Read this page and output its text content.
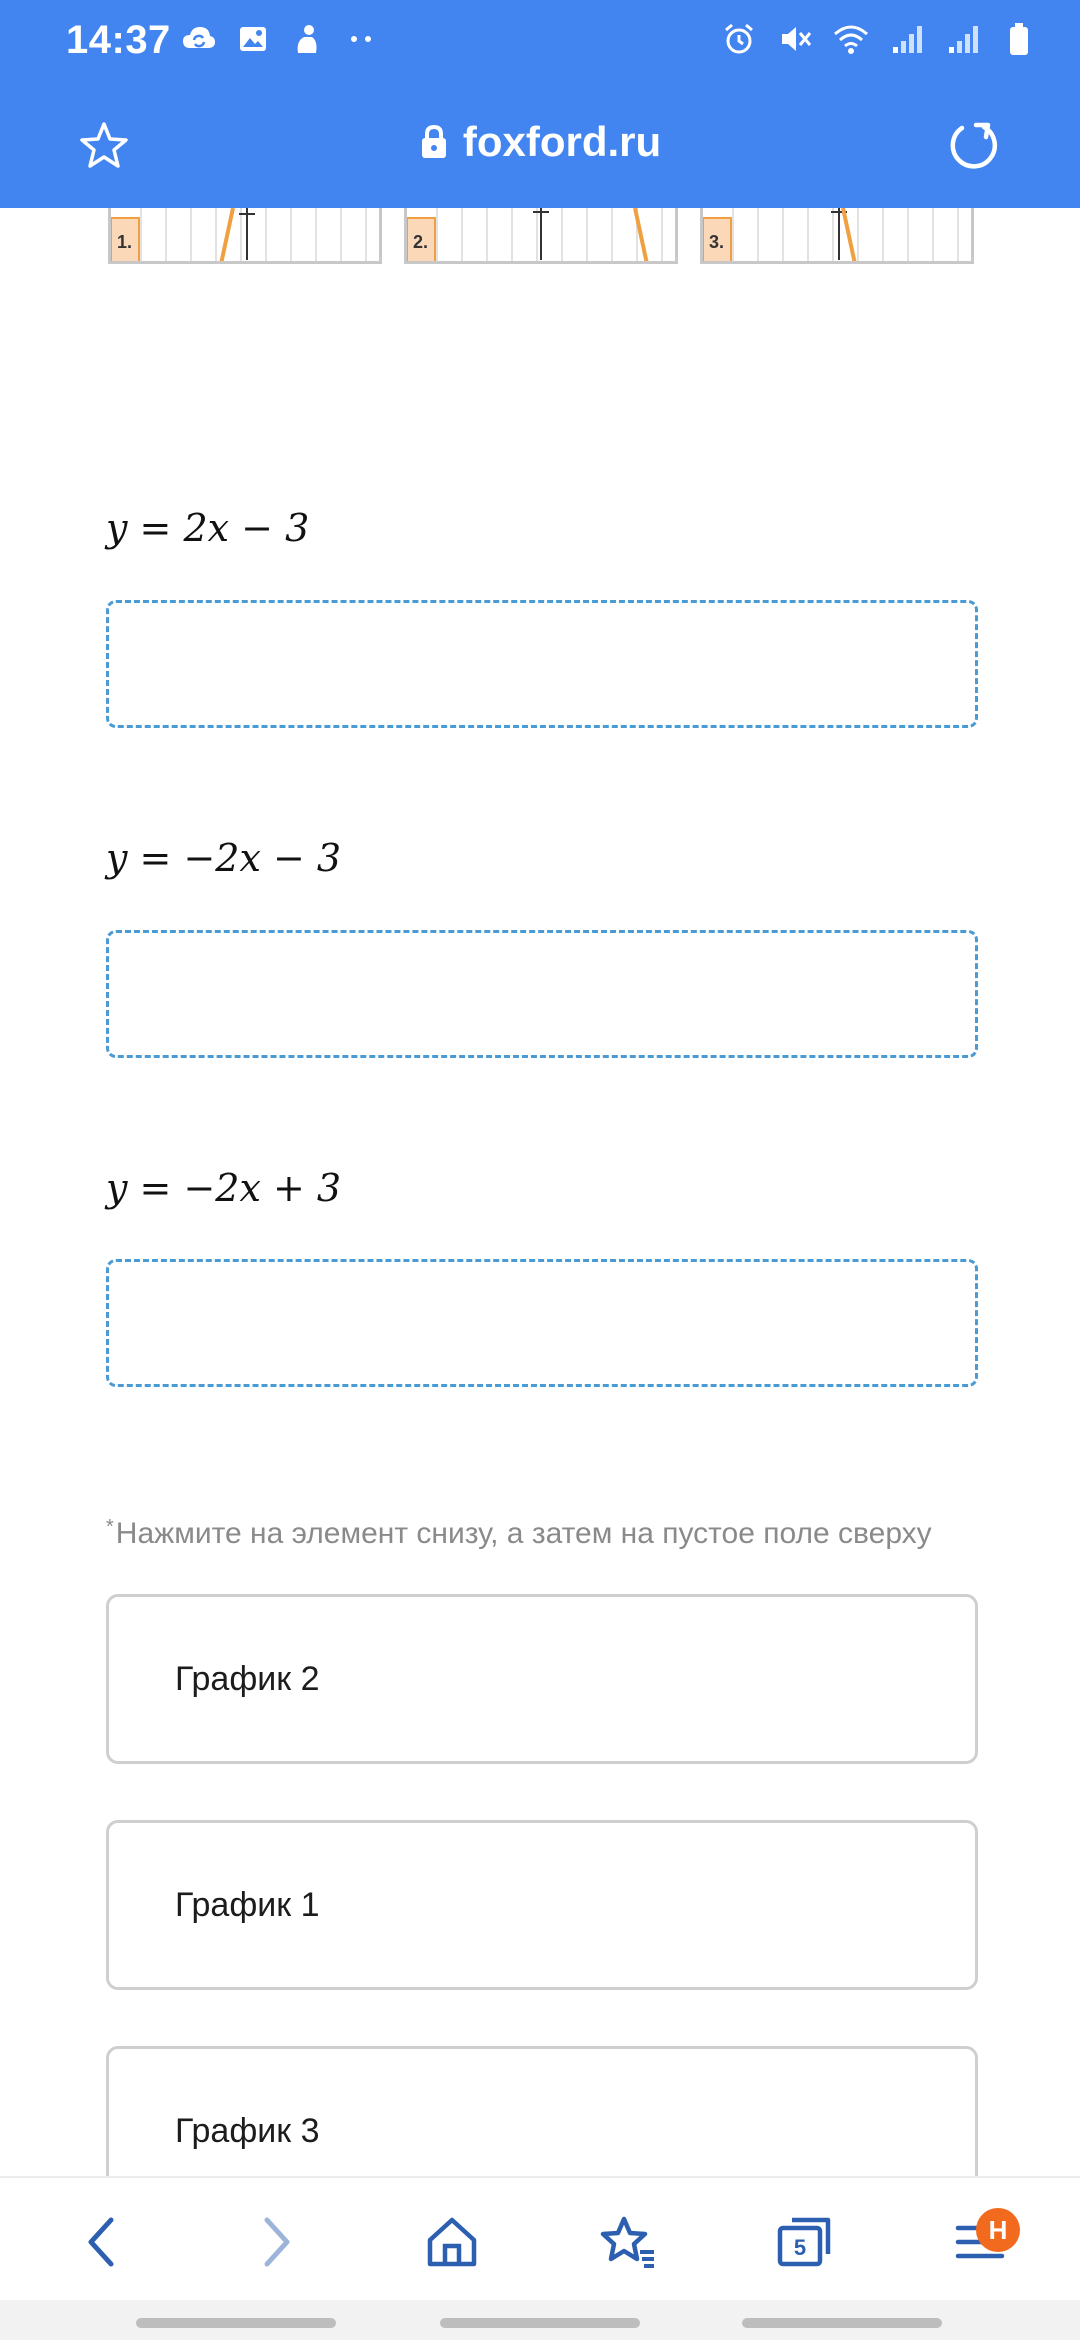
14:37
foxford.ru
1.	2.	3.
y = 2x − 3
y = −2x − 3
y = −2x + 3
*Нажмите на элемент снизу, а затем на пустое поле сверху
График 2
График 1
График 3
5
H
